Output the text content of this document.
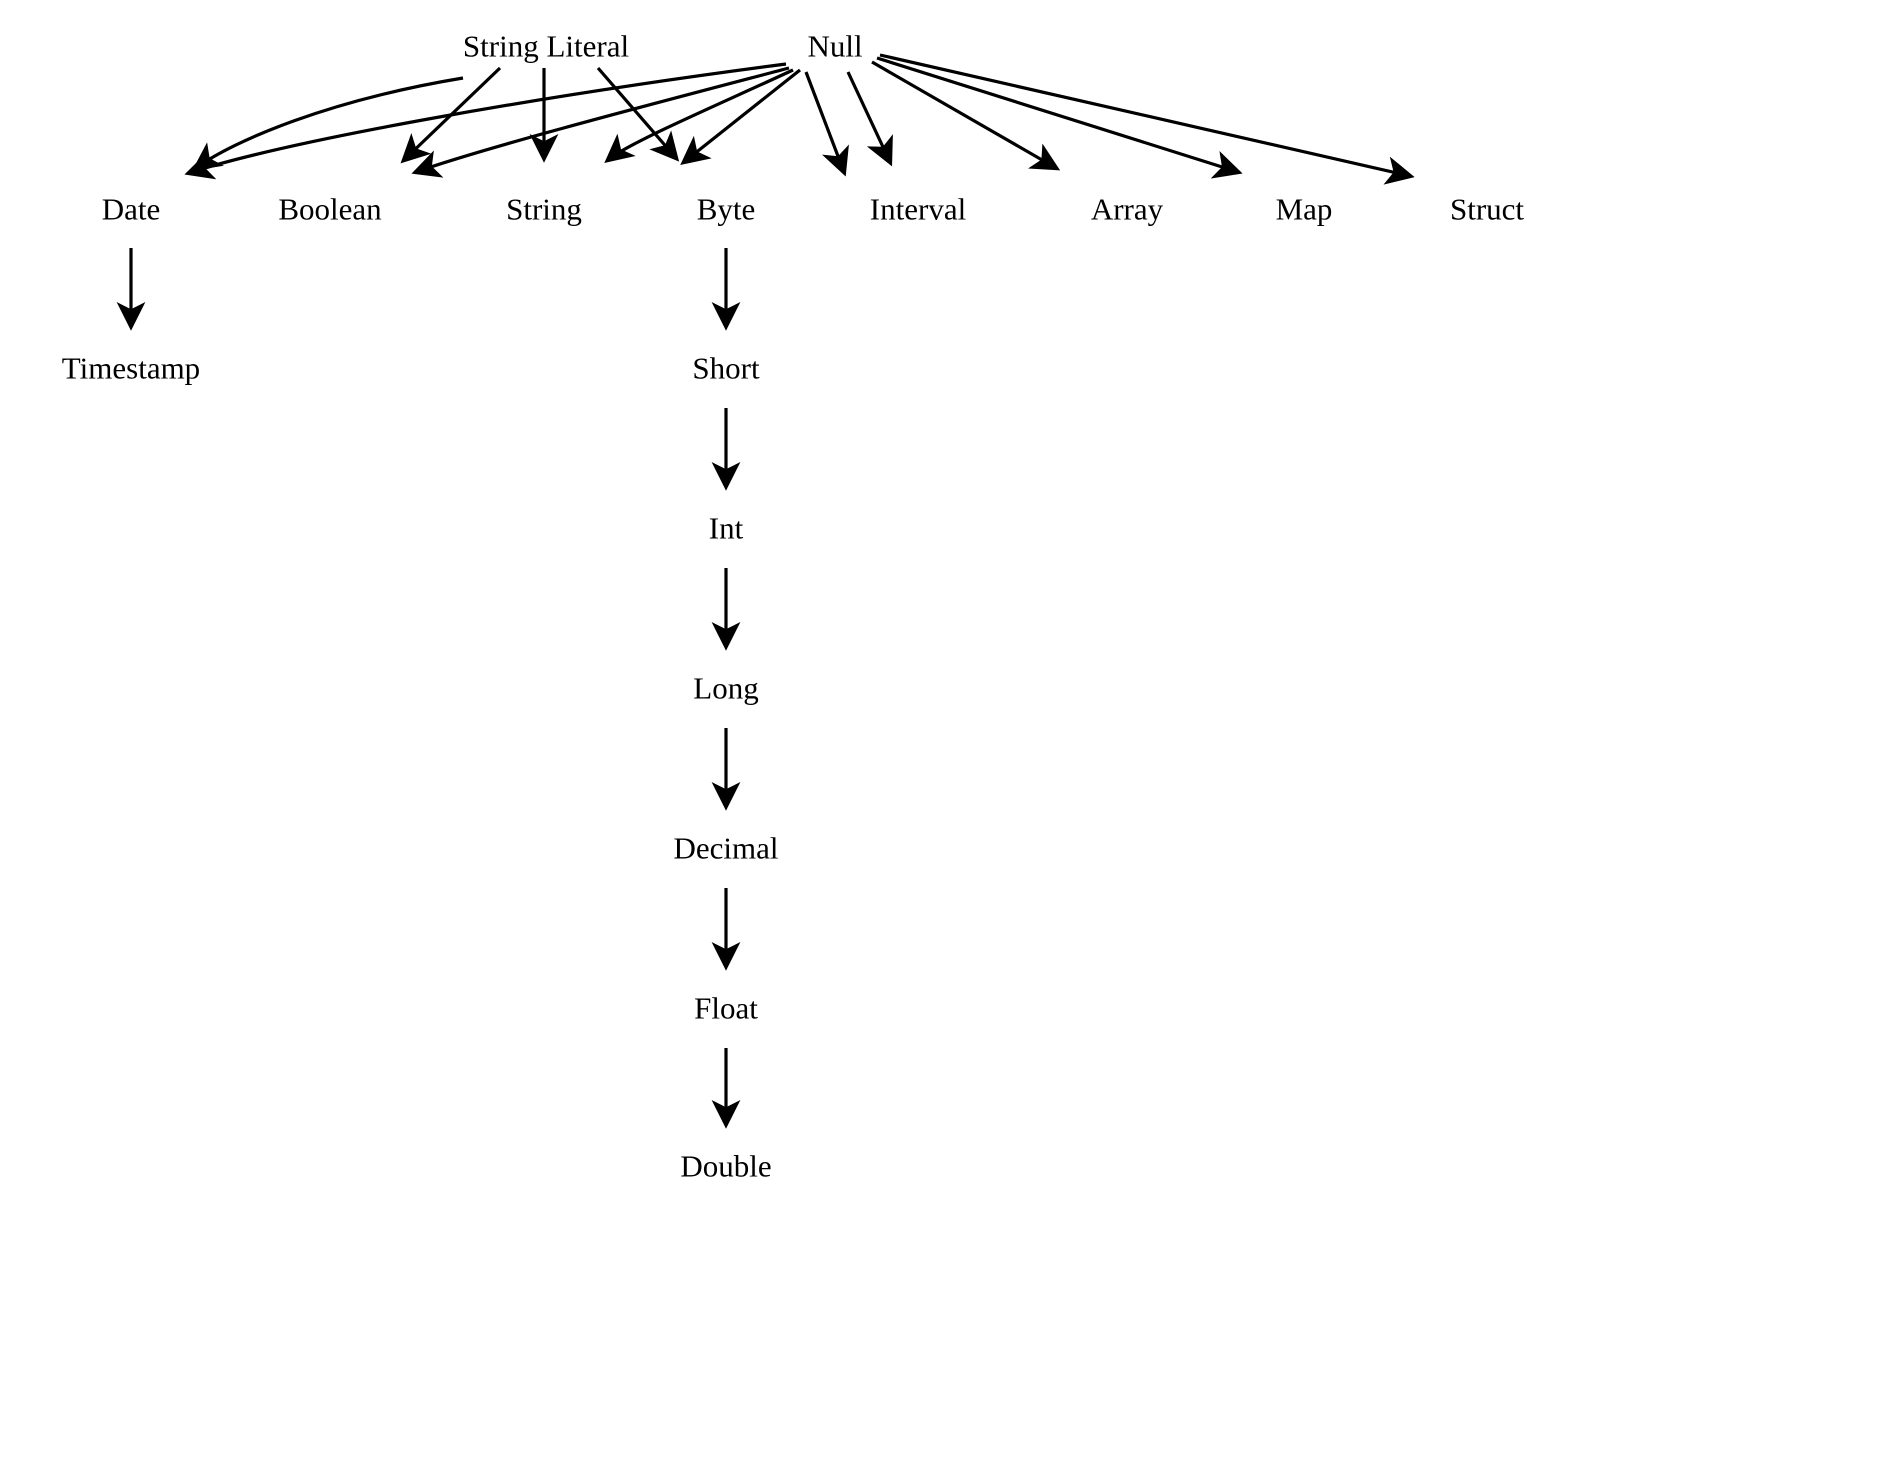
String Literal	Null
Date	Boolean	String	Byte	Interval	Array	Map	Struct
Timestamp	Short
Int
Long
Decimal
Float
Double
